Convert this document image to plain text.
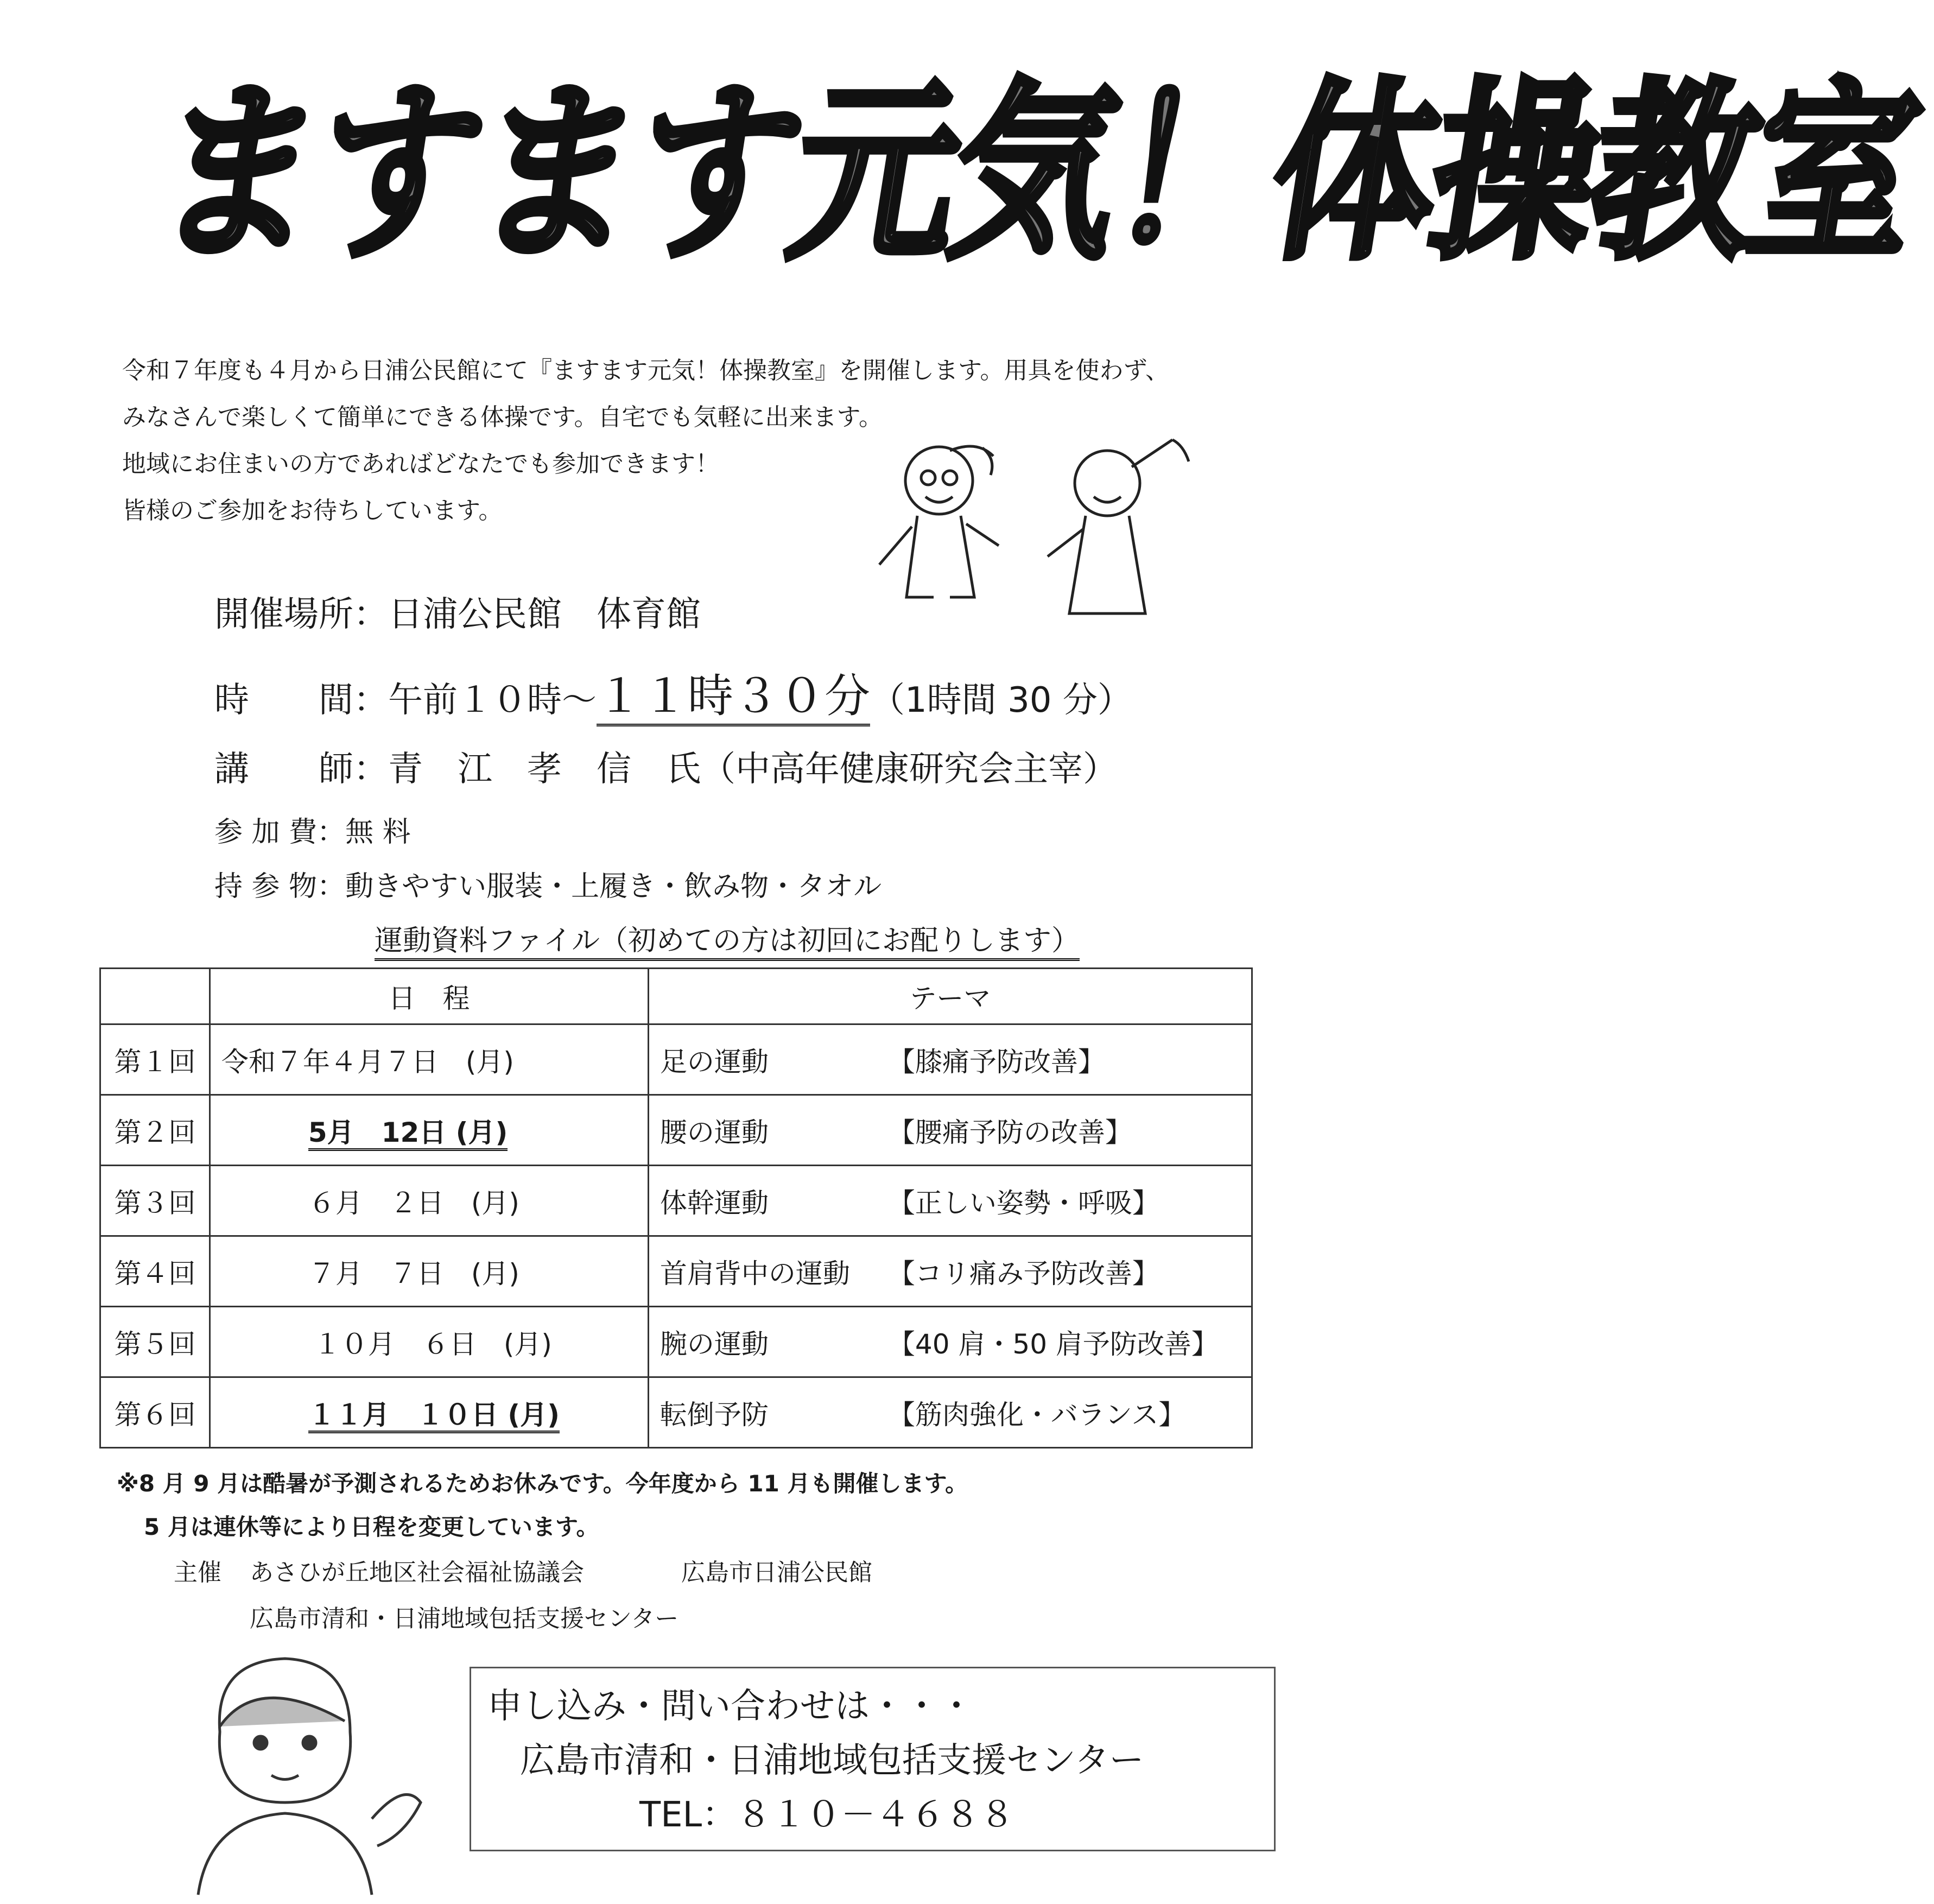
ますます元気！体操教室
令和７年度も４月から日浦公民館にて『ますます元気！体操教室』を開催します。用具を使わず、
みなさんで楽しくて簡単にできる体操です。自宅でも気軽に出来ます。
地域にお住まいの方であればどなたでも参加できます！
皆様のご参加をお待ちしています。
開催場所：日浦公民館　体育館
時　　間：午前１０時～１１時３０分（1時間 30 分）
講　　師：青　江　孝　信　氏（中高年健康研究会主宰）
参 加 費：無 料
持 参 物：動きやすい服装・上履き・飲み物・タオル
運動資料ファイル（初めての方は初回にお配りします）
	日　程	テーマ
第１回	令和７年４月７日　(月)	足の運動 【膝痛予防改善】
第２回	5月　12日 (月)	腰の運動 【腰痛予防の改善】
第３回	６月　２日　(月)	体幹運動 【正しい姿勢・呼吸】
第４回	７月　７日　(月)	首肩背中の運動 【コリ痛み予防改善】
第５回	１０月　６日　(月)	腕の運動 【40 肩・50 肩予防改善】
第６回	１１月　１０日 (月)	転倒予防 【筋肉強化・バランス】
※8 月 9 月は酷暑が予測されるためお休みです。今年度から 11 月も開催します。
5 月は連休等により日程を変更しています。
主催 あさひが丘地区社会福祉協議会	広島市日浦公民館
広島市清和・日浦地域包括支援センター
申し込み・問い合わせは・・・
広島市清和・日浦地域包括支援センター
TEL：８１０－４６８８
